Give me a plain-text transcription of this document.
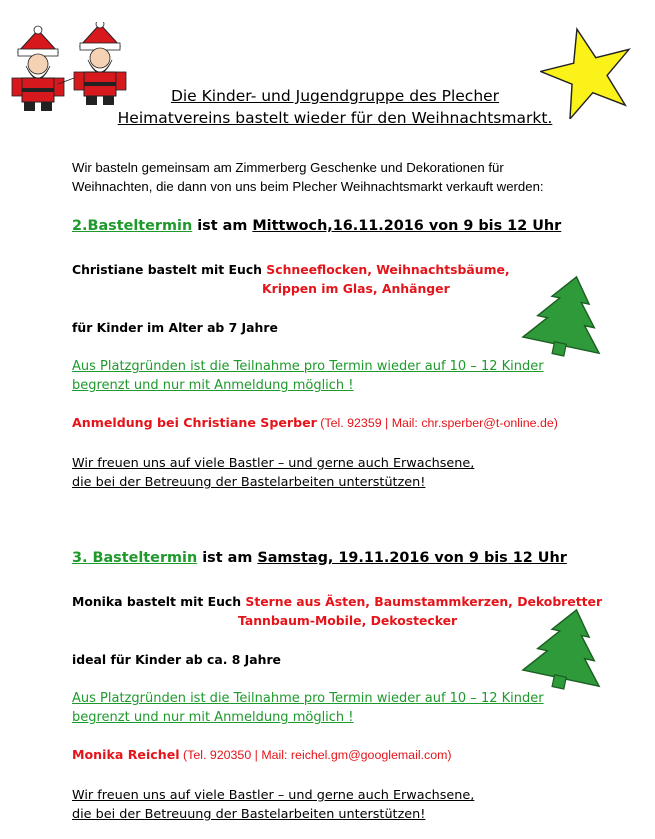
Die Kinder- und Jugendgruppe des Plecher
Heimatvereins bastelt wieder für den Weihnachtsmarkt.
Wir basteln gemeinsam am Zimmerberg Geschenke und Dekorationen für
Weihnachten, die dann von uns beim Plecher Weihnachtsmarkt verkauft werden:
2.Basteltermin ist am Mittwoch,16.11.2016 von 9 bis 12 Uhr
Christiane bastelt mit Euch Schneeflocken, Weihnachtsbäume,
Krippen im Glas, Anhänger
für Kinder im Alter ab 7 Jahre
Aus Platzgründen ist die Teilnahme pro Termin wieder auf 10 – 12 Kinder
begrenzt und nur mit Anmeldung möglich !
Anmeldung bei Christiane Sperber (Tel. 92359 | Mail: chr.sperber@t-online.de)
Wir freuen uns auf viele Bastler – und gerne auch Erwachsene,
die bei der Betreuung der Bastelarbeiten unterstützen!
3. Basteltermin ist am Samstag, 19.11.2016 von 9 bis 12 Uhr
Monika bastelt mit Euch Sterne aus Ästen, Baumstammkerzen, Dekobretter
Tannbaum-Mobile, Dekostecker
ideal für Kinder ab ca. 8 Jahre
Aus Platzgründen ist die Teilnahme pro Termin wieder auf 10 – 12 Kinder
begrenzt und nur mit Anmeldung möglich !
Monika Reichel (Tel. 920350 | Mail: reichel.gm@googlemail.com)
Wir freuen uns auf viele Bastler – und gerne auch Erwachsene,
die bei der Betreuung der Bastelarbeiten unterstützen!
